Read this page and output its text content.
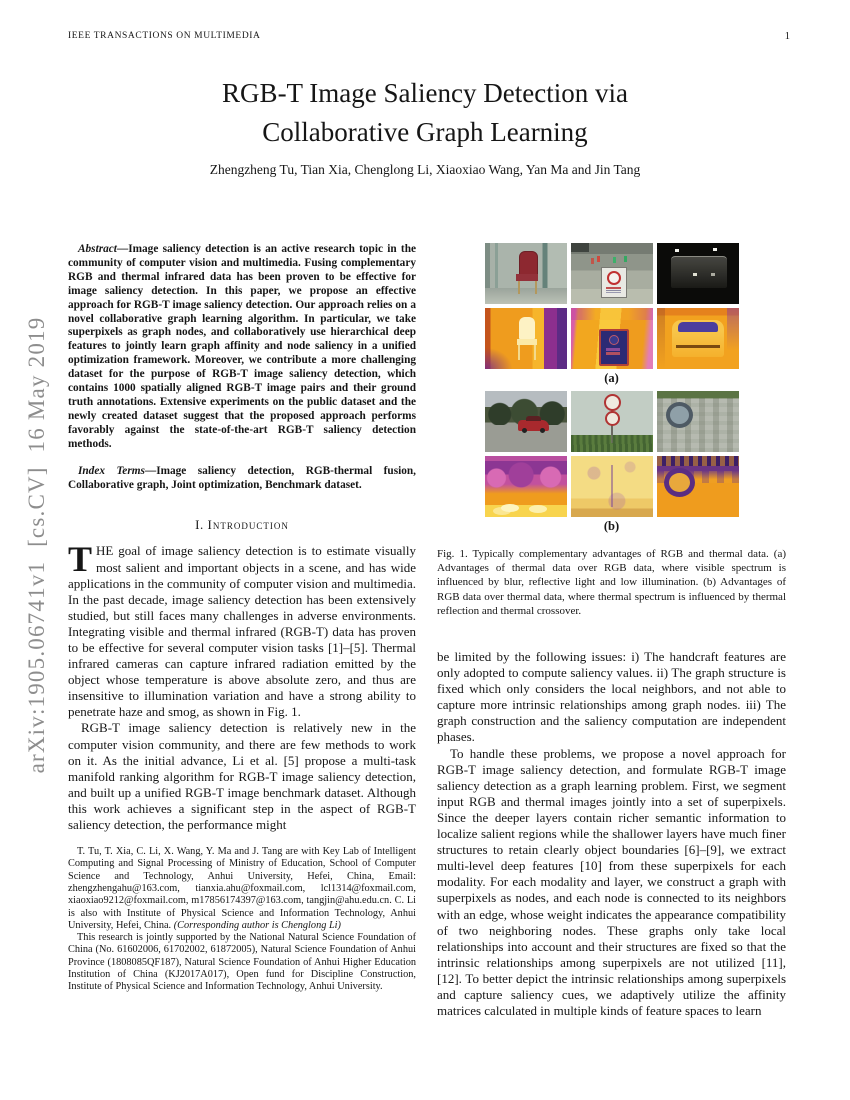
arXiv:1905.06741v1  [cs.CV]  16 May 2019
IEEE TRANSACTIONS ON MULTIMEDIA	1
RGB-T Image Saliency Detection via
Collaborative Graph Learning
Zhengzheng Tu, Tian Xia, Chenglong Li, Xiaoxiao Wang, Yan Ma and Jin Tang

Abstract—Image saliency detection is an active research topic in the community of computer vision and multimedia. Fusing complementary RGB and thermal infrared data has been proven to be effective for image saliency detection. In this paper, we propose an effective approach for RGB-T image saliency detection. Our approach relies on a novel collaborative graph learning algorithm. In particular, we take superpixels as graph nodes, and collaboratively use hierarchical deep features to jointly learn graph affinity and node saliency in a unified optimization framework. Moreover, we contribute a more challenging dataset for the purpose of RGB-T image saliency detection, which contains 1000 spatially aligned RGB-T image pairs and their ground truth annotations. Extensive experiments on the public dataset and the newly created dataset suggest that the proposed approach performs favorably against the state-of-the-art RGB-T saliency detection methods.

Index Terms—Image saliency detection, RGB-thermal fusion, Collaborative graph, Joint optimization, Benchmark dataset.

I. Introduction

THE goal of image saliency detection is to estimate visually most salient and important objects in a scene, and has wide applications in the community of computer vision and multimedia. In the past decade, image saliency detection has been extensively studied, but still faces many challenges in adverse environments. Integrating visible and thermal infrared (RGB-T) data has proven to be effective for several computer vision tasks [1]–[5]. Thermal infrared cameras can capture infrared radiation emitted by the object whose temperature is above absolute zero, and thus are insensitive to illumination variation and have a strong ability to penetrate haze and smog, as shown in Fig. 1.

RGB-T image saliency detection is relatively new in the computer vision community, and there are few methods to work on it. As the initial advance, Li et al. [5] propose a multi-task manifold ranking algorithm for RGB-T image saliency detection, and built up a unified RGB-T image benchmark dataset. Although this work achieves a significant step in the aspect of RGB-T saliency detection, the performance might

T. Tu, T. Xia, C. Li, X. Wang, Y. Ma and J. Tang are with Key Lab of Intelligent Computing and Signal Processing of Ministry of Education, School of Computer Science and Technology, Anhui University, Hefei, China, Email: zhengzhengahu@163.com, tianxia.ahu@foxmail.com, lcl1314@foxmail.com, xiaoxiao9212@foxmail.com, m17856174397@163.com, tangjin@ahu.edu.cn. C. Li is also with Institute of Physical Science and Information Technology, Anhui University, Hefei, China. (Corresponding author is Chenglong Li)

This research is jointly supported by the National Natural Science Foundation of China (No. 61602006, 61702002, 61872005), Natural Science Foundation of Anhui Province (1808085QF187), Natural Science Foundation of Anhui Higher Education Institution of China (KJ2017A017), Open fund for Discipline Construction, Institute of Physical Science and Information Technology, Anhui University.

(a)
(b)
Fig. 1. Typically complementary advantages of RGB and thermal data. (a) Advantages of thermal data over RGB data, where visible spectrum is influenced by blur, reflective light and low illumination. (b) Advantages of RGB data over thermal data, where thermal spectrum is influenced by thermal reflection and thermal crossover.

be limited by the following issues: i) The handcraft features are only adopted to compute saliency values. ii) The graph structure is fixed which only considers the local neighbors, and not able to capture more intrinsic relationships among graph nodes. iii) The graph construction and the saliency computation are independent phases.

To handle these problems, we propose a novel approach for RGB-T image saliency detection, and formulate RGB-T image saliency detection as a graph learning problem. First, we segment input RGB and thermal images jointly into a set of superpixels. Since the deeper layers contain richer semantic information to localize salient regions while the shallower layers have much finer structures to retain clearly object boundaries [6]–[9], we extract multi-level deep features [10] from these superpixels for each modality. For each modality and layer, we construct a graph with superpixels as nodes, and each node is connected to its neighbors with an edge, whose weight indicates the appearance compatibility of two neighboring nodes. These graphs only take local relationships into account and their structures are fixed so that the intrinsic relationships among superpixels are not utilized [11], [12]. To better depict the intrinsic relationships among superpixels and capture saliency cues, we adaptively utilize the affinity matrices calculated in multiple kinds of feature spaces to learn
